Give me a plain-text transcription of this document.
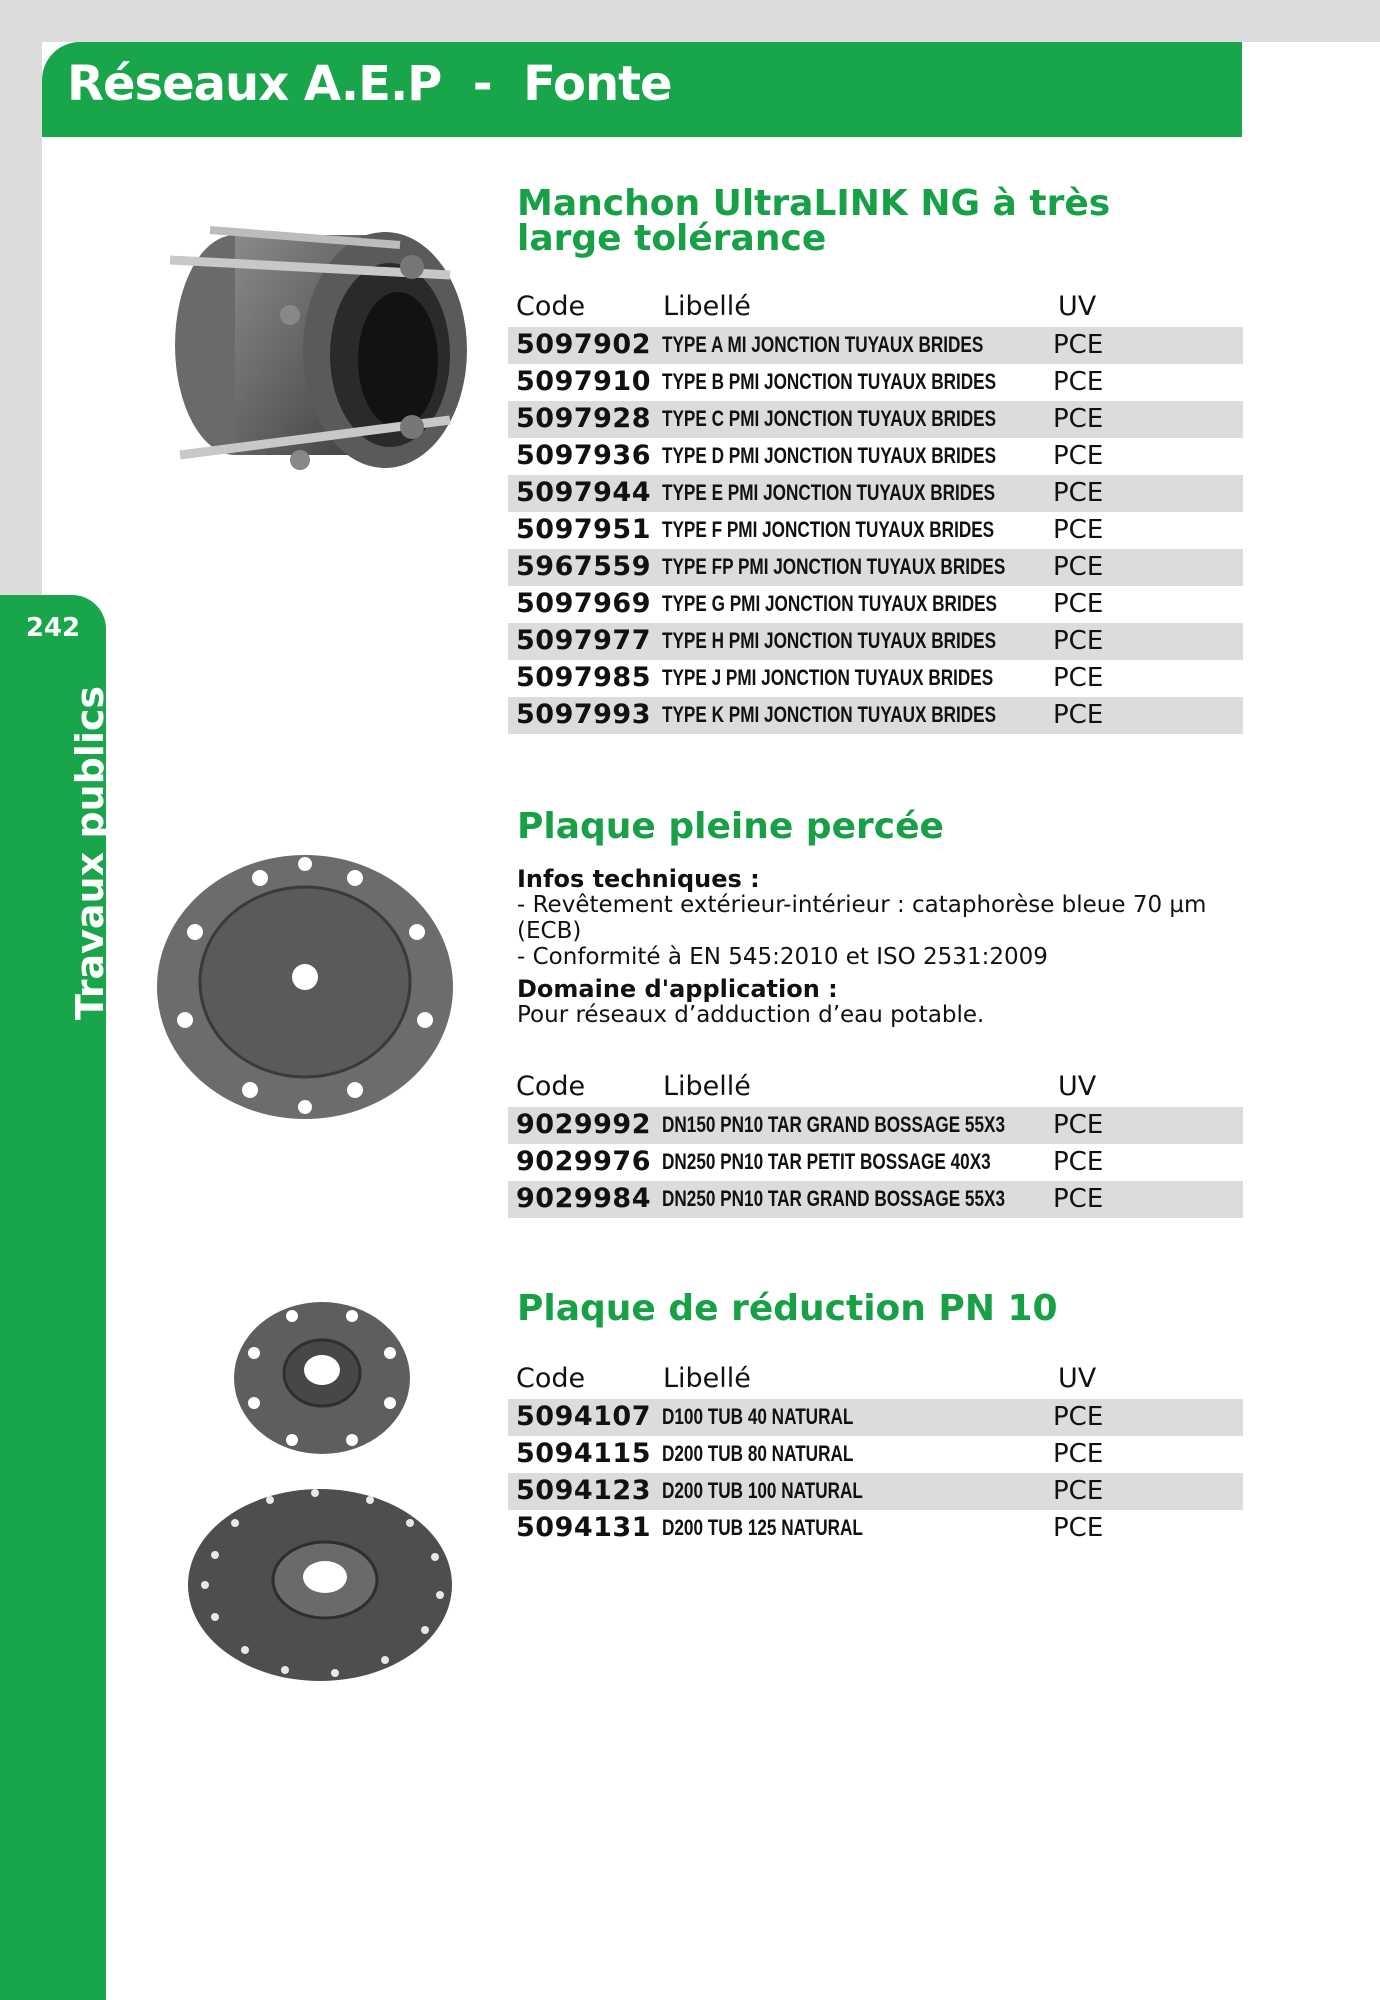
Réseaux A.E.P  -  Fonte
242
Travaux publics
Manchon UltraLINK NG à très large tolérance
Code	Libellé	UV
5097902 TYPE A MI JONCTION TUYAUX BRIDES	PCE
5097910 TYPE B PMI JONCTION TUYAUX BRIDES PCE
5097928 TYPE C PMI JONCTION TUYAUX BRIDES PCE
5097936 TYPE D PMI JONCTION TUYAUX BRIDES PCE
5097944 TYPE E PMI JONCTION TUYAUX BRIDES PCE
5097951 TYPE F PMI JONCTION TUYAUX BRIDES PCE
5967559 TYPE FP PMI JONCTION TUYAUX BRIDES PCE
5097969 TYPE G PMI JONCTION TUYAUX BRIDES PCE
5097977 TYPE H PMI JONCTION TUYAUX BRIDES PCE
5097985 TYPE J PMI JONCTION TUYAUX BRIDES PCE
5097993 TYPE K PMI JONCTION TUYAUX BRIDES PCE
Plaque pleine percée
Infos techniques :
- Revêtement extérieur-intérieur : cataphorèse bleue 70 µm
(ECB)
- Conformité à EN 545:2010 et ISO 2531:2009
Domaine d'application :
Pour réseaux d’adduction d’eau potable.
Code	Libellé	UV
9029992 DN150 PN10 TAR GRAND BOSSAGE 55X3 PCE
9029976 DN250 PN10 TAR PETIT BOSSAGE 40X3 PCE
9029984 DN250 PN10 TAR GRAND BOSSAGE 55X3 PCE
Plaque de réduction PN 10
Code	Libellé	UV
5094107 D100 TUB 40 NATURAL	PCE
5094115 D200 TUB 80 NATURAL	PCE
5094123 D200 TUB 100 NATURAL	PCE
5094131 D200 TUB 125 NATURAL	PCE
